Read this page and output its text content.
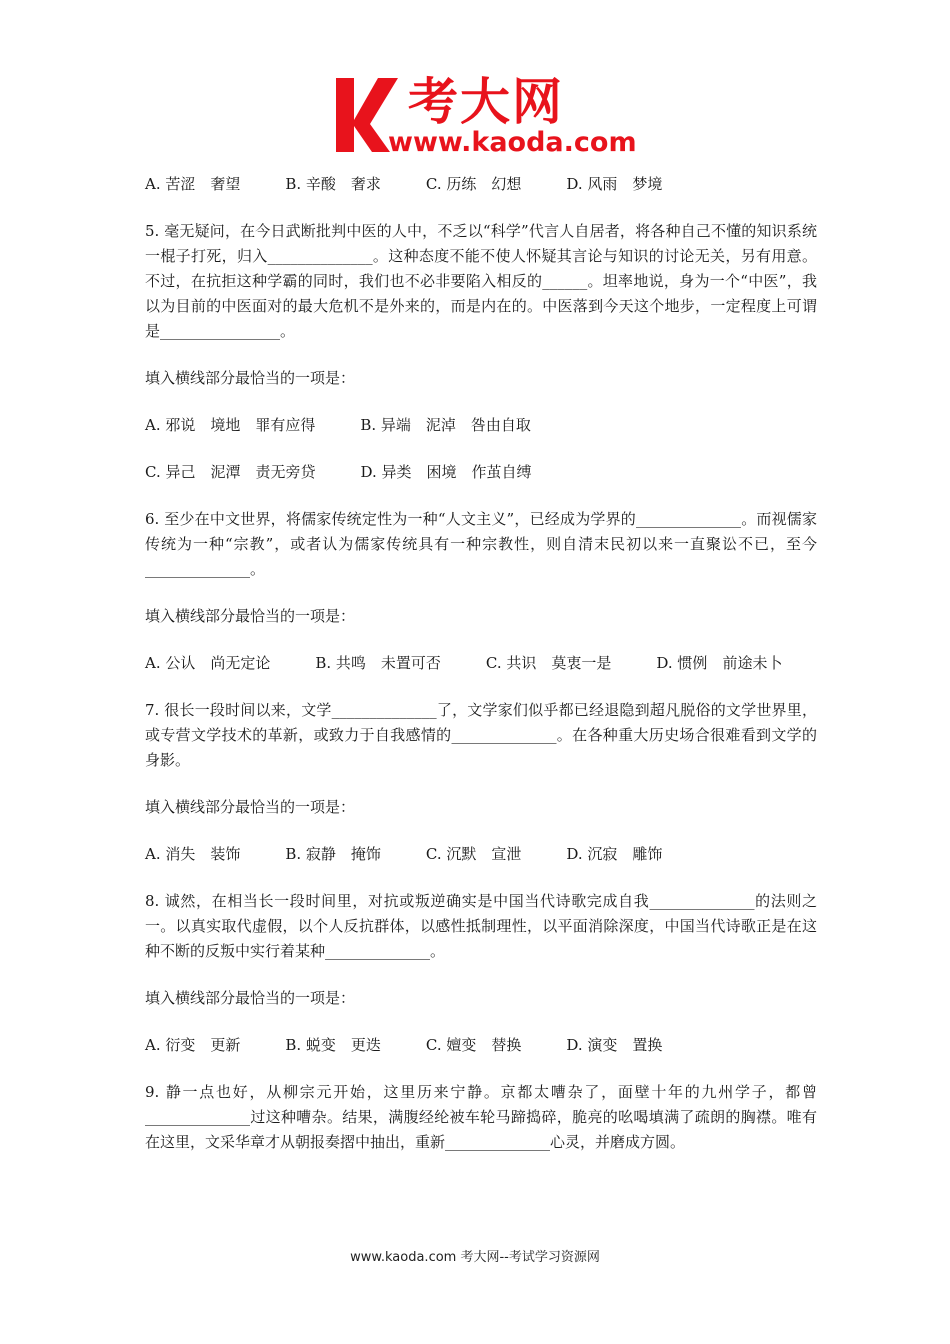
考大网
www.kaoda.com
A. 苦涩　奢望　　　B. 辛酸　奢求　　　C. 历练　幻想　　　D. 风雨　梦境
5. 毫无疑问，在今日武断批判中医的人中，不乏以“科学”代言人自居者，将各种自己不懂的知识系统一棍子打死，归入______________。这种态度不能不使人怀疑其言论与知识的讨论无关，另有用意。不过，在抗拒这种学霸的同时，我们也不必非要陷入相反的______。坦率地说，身为一个“中医”，我以为目前的中医面对的最大危机不是外来的，而是内在的。中医落到今天这个地步，一定程度上可谓是________________。
填入横线部分最恰当的一项是：
A. 邪说　境地　罪有应得　　　B. 异端　泥淖　咎由自取
C. 异己　泥潭　责无旁贷　　　D. 异类　困境　作茧自缚
6. 至少在中文世界，将儒家传统定性为一种“人文主义”，已经成为学界的______________。而视儒家传统为一种“宗教”，或者认为儒家传统具有一种宗教性，则自清末民初以来一直聚讼不已，至今______________。
填入横线部分最恰当的一项是：
A. 公认　尚无定论　　　B. 共鸣　未置可否　　　C. 共识　莫衷一是　　　D. 惯例　前途未卜
7. 很长一段时间以来，文学______________了，文学家们似乎都已经退隐到超凡脱俗的文学世界里，或专营文学技术的革新，或致力于自我感情的______________。在各种重大历史场合很难看到文学的身影。
填入横线部分最恰当的一项是：
A. 消失　装饰　　　B. 寂静　掩饰　　　C. 沉默　宣泄　　　D. 沉寂　雕饰
8. 诚然，在相当长一段时间里，对抗或叛逆确实是中国当代诗歌完成自我______________的法则之一。以真实取代虚假，以个人反抗群体，以感性抵制理性，以平面消除深度，中国当代诗歌正是在这种不断的反叛中实行着某种______________。
填入横线部分最恰当的一项是：
A. 衍变　更新　　　B. 蜕变　更迭　　　C. 嬗变　替换　　　D. 演变　置换
9. 静一点也好，从柳宗元开始，这里历来宁静。京都太嘈杂了，面壁十年的九州学子，都曾______________过这种嘈杂。结果，满腹经纶被车轮马蹄捣碎，脆亮的吆喝填满了疏朗的胸襟。唯有在这里，文采华章才从朝报奏摺中抽出，重新______________心灵，并磨成方圆。
www.kaoda.com 考大网--考试学习资源网
